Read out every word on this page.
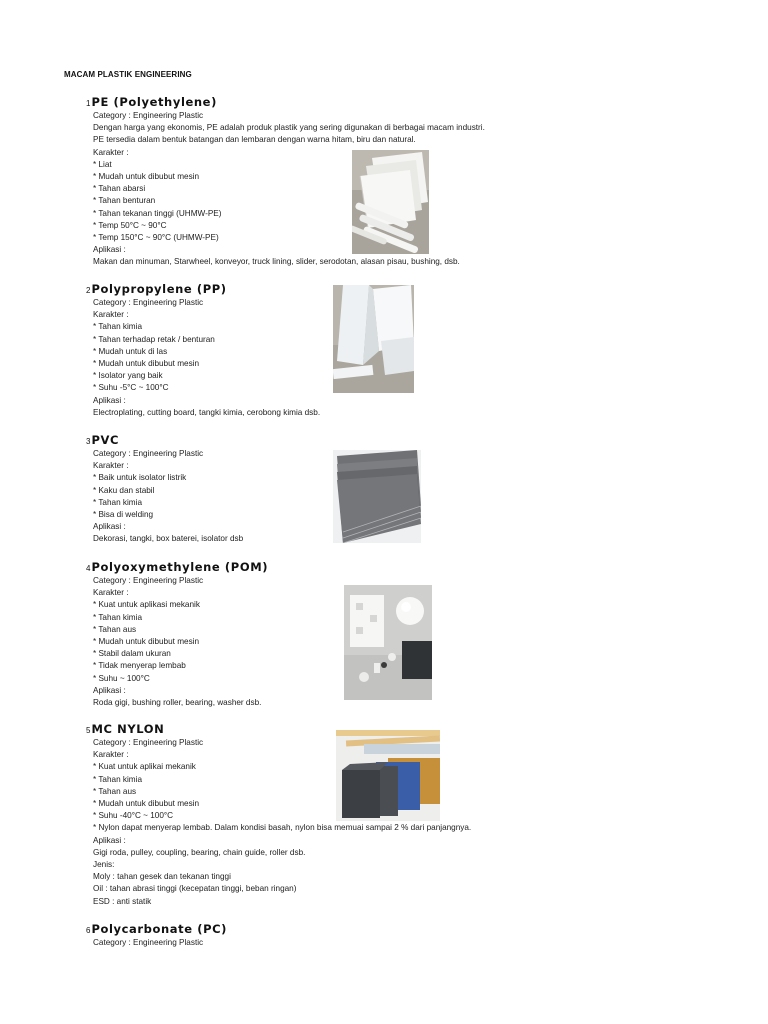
MACAM PLASTIK ENGINEERING
1 PE (Polyethylene)
Category : Engineering Plastic
Dengan harga yang ekonomis, PE adalah produk plastik yang sering digunakan di berbagai macam industri.
PE tersedia dalam bentuk batangan dan lembaran dengan warna hitam, biru dan natural.
Karakter :
* Liat
* Mudah untuk dibubut mesin
* Tahan abarsi
* Tahan benturan
* Tahan tekanan tinggi (UHMW-PE)
* Temp 50°C ~ 90°C
* Temp 150°C ~ 90°C (UHMW-PE)
Aplikasi :
Makan dan minuman, Starwheel, konveyor, truck lining, slider, serodotan, alasan pisau, bushing, dsb.
2 Polypropylene (PP)
Category : Engineering Plastic
Karakter :
* Tahan kimia
* Tahan terhadap retak / benturan
* Mudah untuk di las
* Mudah untuk dibubut mesin
* Isolator yang baik
* Suhu -5°C ~ 100°C
Aplikasi :
Electroplating, cutting board, tangki kimia, cerobong kimia dsb.
3 PVC
Category : Engineering Plastic
Karakter :
* Baik untuk isolator listrik
* Kaku dan stabil
* Tahan kimia
* Bisa di welding
Aplikasi :
Dekorasi, tangki, box baterei, isolator dsb
4 Polyoxymethylene (POM)
Category : Engineering Plastic
Karakter :
* Kuat untuk aplikasi mekanik
* Tahan kimia
* Tahan aus
* Mudah untuk dibubut mesin
* Stabil dalam ukuran
* Tidak menyerap lembab
* Suhu ~ 100°C
Aplikasi :
Roda gigi, bushing roller, bearing, washer dsb.
5 MC NYLON
Category : Engineering Plastic
Karakter :
* Kuat untuk aplikai mekanik
* Tahan kimia
* Tahan aus
* Mudah untuk dibubut mesin
* Suhu -40°C ~ 100°C
* Nylon dapat menyerap lembab. Dalam kondisi basah, nylon bisa memuai sampai 2 % dari panjangnya.
Aplikasi :
Gigi roda, pulley, coupling, bearing, chain guide, roller dsb.
Jenis:
Moly : tahan gesek dan tekanan tinggi
Oil : tahan abrasi tinggi (kecepatan tinggi, beban ringan)
ESD : anti statik
6 Polycarbonate (PC)
Category : Engineering Plastic
